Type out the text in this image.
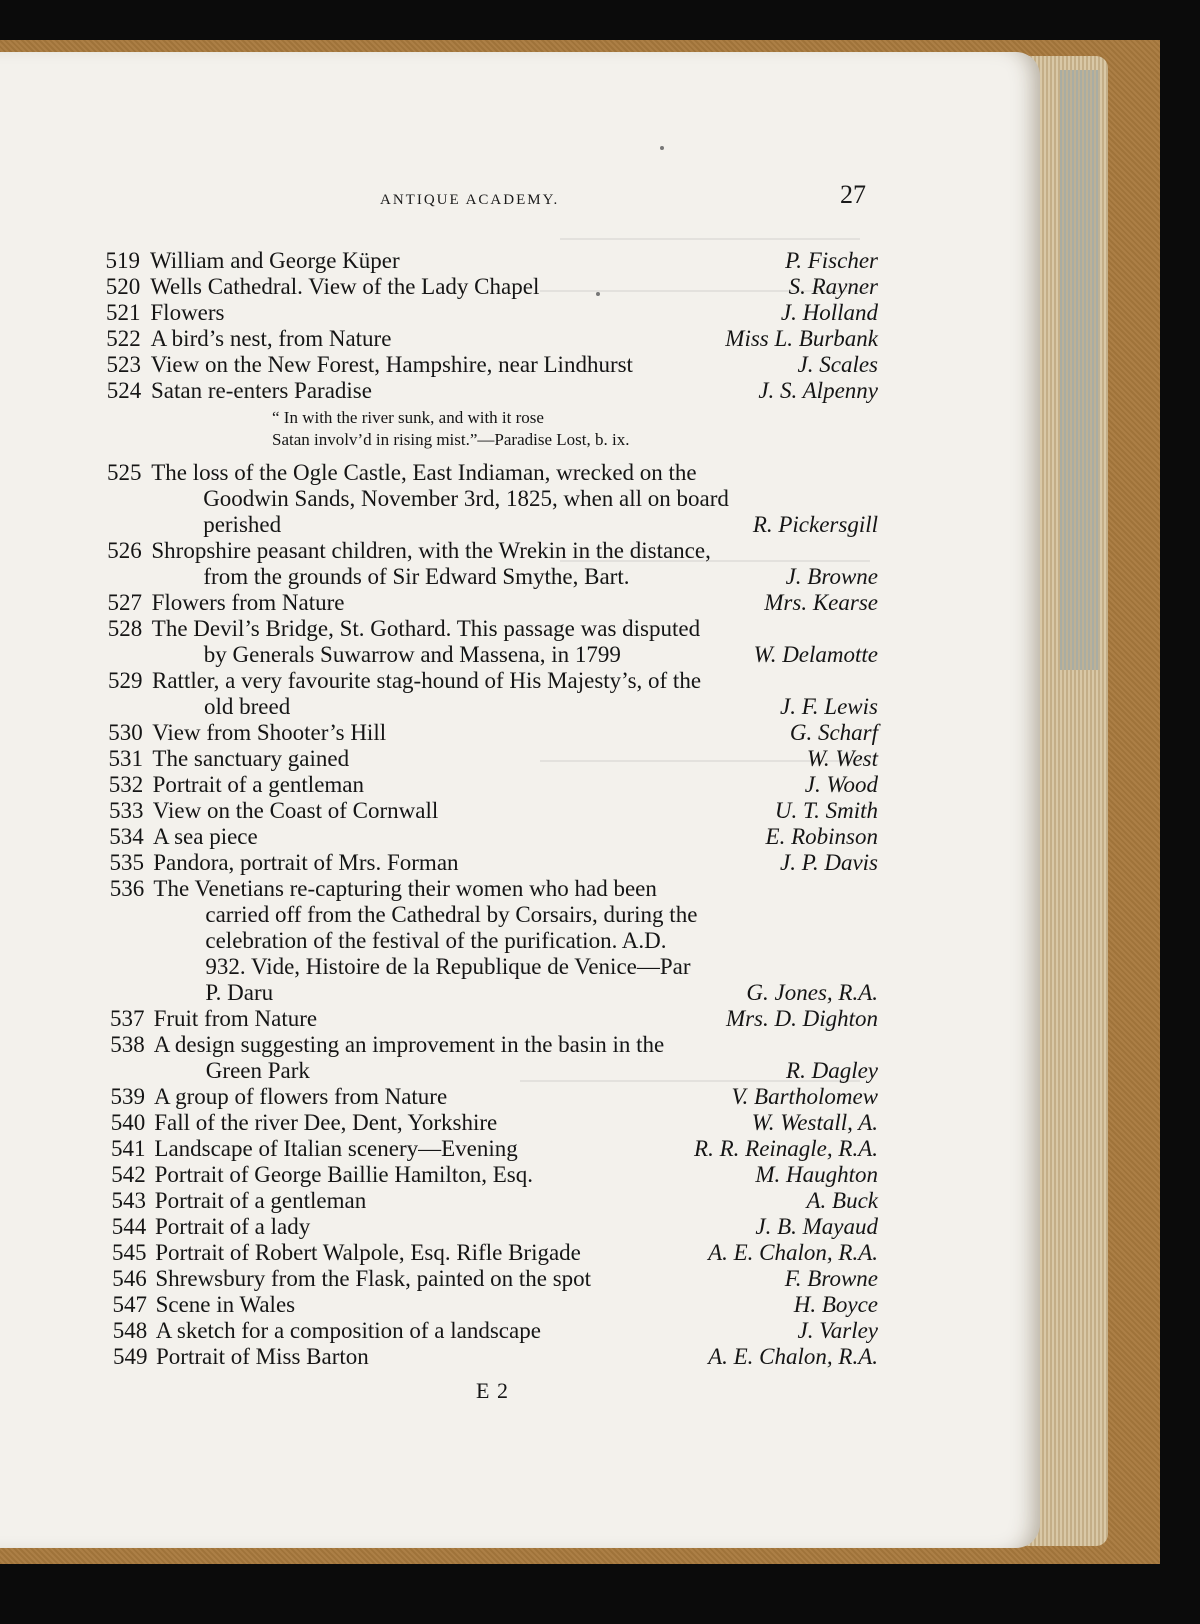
ANTIQUE ACADEMY.	27
519 William and George Küper	P. Fischer
520 Wells Cathedral. View of the Lady Chapel	S. Rayner
521 Flowers	J. Holland
522 A bird’s nest, from Nature	Miss L. Burbank
523 View on the New Forest, Hampshire, near Lindhurst	J. Scales
524 Satan re-enters Paradise	J. S. Alpenny
525 The loss of the Ogle Castle, East Indiaman, wrecked on the
Goodwin Sands, November 3rd, 1825, when all on board
perished	R. Pickersgill
526 Shropshire peasant children, with the Wrekin in the distance,
from the grounds of Sir Edward Smythe, Bart.	J. Browne
527 Flowers from Nature	Mrs. Kearse
528 The Devil’s Bridge, St. Gothard. This passage was disputed
by Generals Suwarrow and Massena, in 1799	W. Delamotte
529 Rattler, a very favourite stag-hound of His Majesty’s, of the
old breed	J. F. Lewis
530 View from Shooter’s Hill	G. Scharf
531 The sanctuary gained	W. West
532 Portrait of a gentleman	J. Wood
533 View on the Coast of Cornwall	U. T. Smith
534 A sea piece	E. Robinson
535 Pandora, portrait of Mrs. Forman	J. P. Davis
536 The Venetians re-capturing their women who had been
carried off from the Cathedral by Corsairs, during the
celebration of the festival of the purification. A.D.
932. Vide, Histoire de la Republique de Venice—Par
P. Daru	G. Jones, R.A.
537 Fruit from Nature	Mrs. D. Dighton
538 A design suggesting an improvement in the basin in the
Green Park	R. Dagley
539 A group of flowers from Nature	V. Bartholomew
540 Fall of the river Dee, Dent, Yorkshire	W. Westall, A.
541 Landscape of Italian scenery—Evening	R. R. Reinagle, R.A.
542 Portrait of George Baillie Hamilton, Esq.	M. Haughton
543 Portrait of a gentleman	A. Buck
544 Portrait of a lady	J. B. Mayaud
545 Portrait of Robert Walpole, Esq. Rifle Brigade	A. E. Chalon, R.A.
546 Shrewsbury from the Flask, painted on the spot	F. Browne
547 Scene in Wales	H. Boyce
548 A sketch for a composition of a landscape	J. Varley
549 Portrait of Miss Barton	A. E. Chalon, R.A.
“ In with the river sunk, and with it rose
Satan involv’d in rising mist.”—Paradise Lost, b. ix.
E 2
